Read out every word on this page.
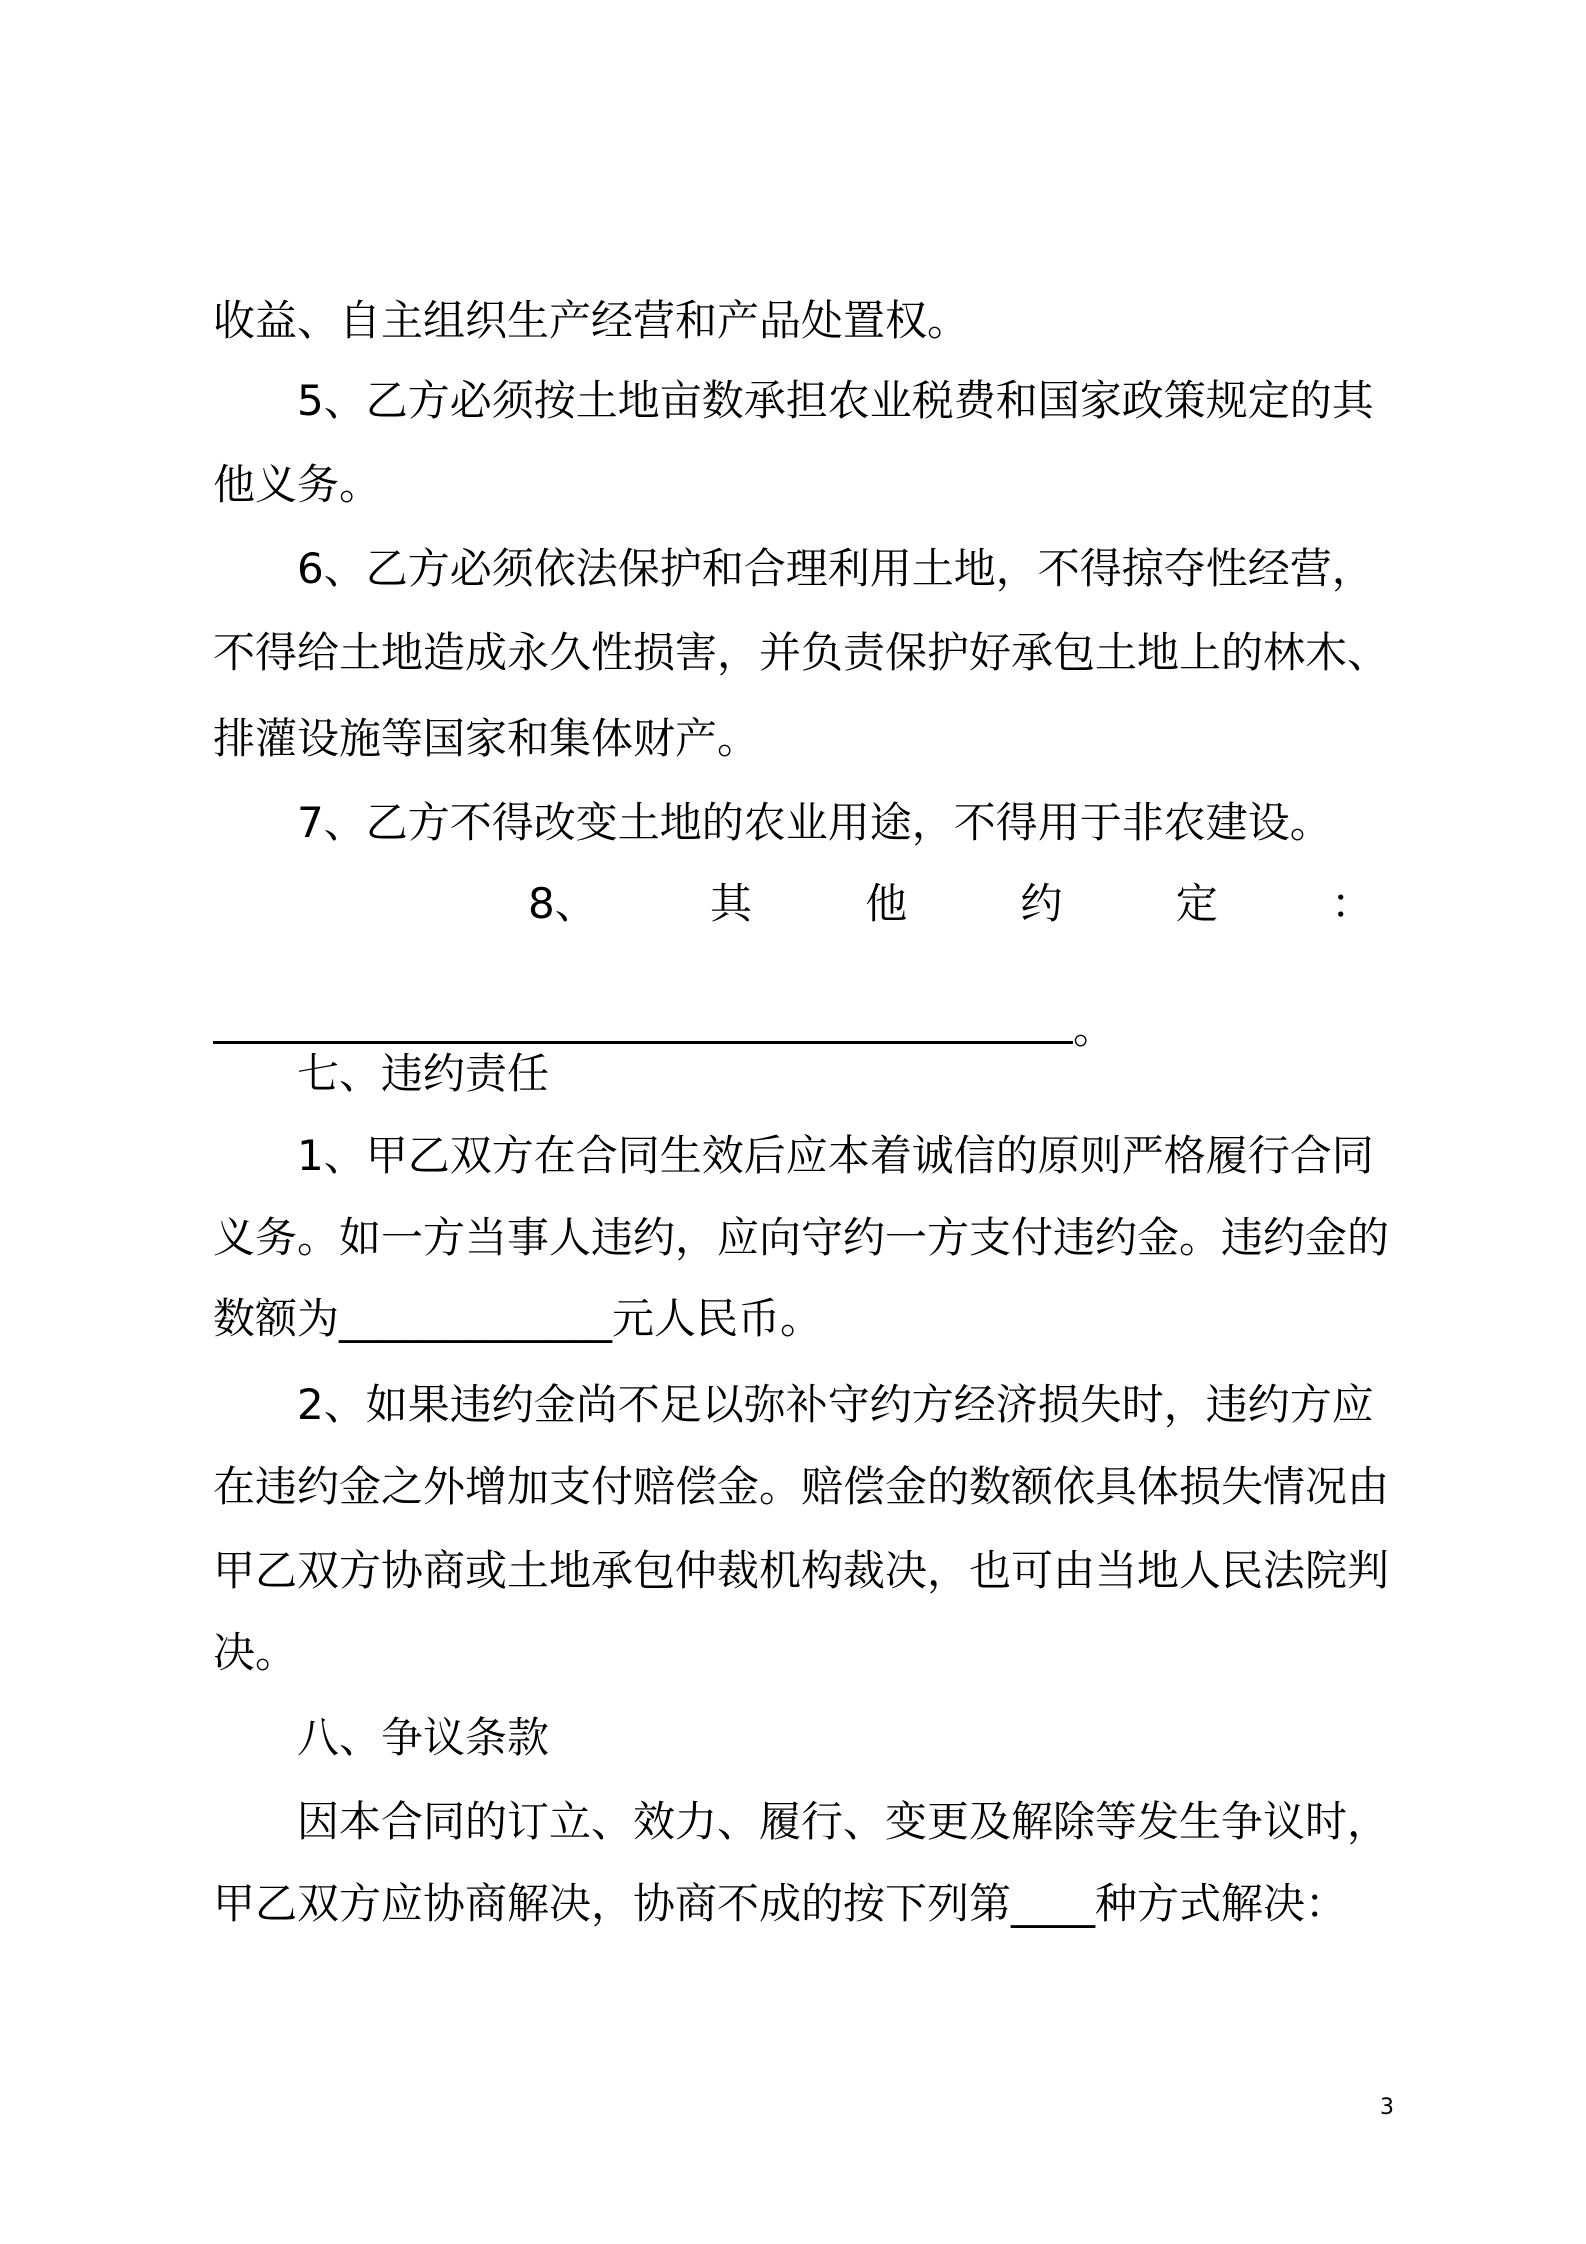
收益、自主组织生产经营和产品处置权。
5、乙方必须按土地亩数承担农业税费和国家政策规定的其
他义务。
6、乙方必须依法保护和合理利用土地，不得掠夺性经营，
不得给土地造成永久性损害，并负责保护好承包土地上的林木、
排灌设施等国家和集体财产。
7、乙方不得改变土地的农业用途，不得用于非农建设。
8、	其	他	约	定	：
。
七、违约责任
1、甲乙双方在合同生效后应本着诚信的原则严格履行合同
义务。如一方当事人违约，应向守约一方支付违约金。违约金的
数额为_____________元人民币。
2、如果违约金尚不足以弥补守约方经济损失时，违约方应
在违约金之外增加支付赔偿金。赔偿金的数额依具体损失情况由
甲乙双方协商或土地承包仲裁机构裁决，也可由当地人民法院判
决。
八、争议条款
因本合同的订立、效力、履行、变更及解除等发生争议时，
甲乙双方应协商解决，协商不成的按下列第____种方式解决：
3
